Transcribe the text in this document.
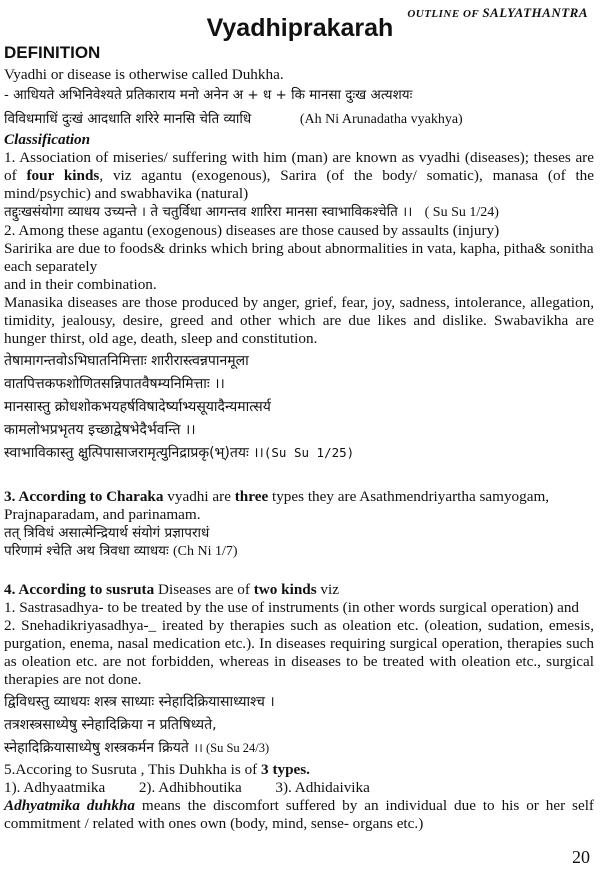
OUTLINE OF SALYATHANTRA
Vyadhiprakarah
DEFINITION

Vyadhi or disease is otherwise called Duhkha.

- आधियते अभिनिवेश्यते प्रतिकाराय मनो अनेन अ + ध + कि मानसा दुःख अत्यशयः

विविधमाधिं दुःखं आदधाति शरिरे मानसि चेति व्याधि	(Ah Ni Arunadatha vyakhya)

Classification

1. Association of miseries/ suffering with him (man) are known as vyadhi (diseases); theses are of four kinds, viz agantu (exogenous), Sarira (of the body/ somatic), manasa (of the mind/psychic) and swabhavika (natural)

तद्दुःखसंयोगा व्याधय उच्यन्ते । ते चतुर्विधा आगन्तव शारिरा मानसा स्वाभाविकश्चेति ।। ( Su Su 1/24)

2. Among these agantu (exogenous) diseases are those caused by assaults (injury)

Saririka are due to foods& drinks which bring about abnormalities in vata, kapha, pitha& sonitha each separately

and in their combination.

Manasika diseases are those produced by anger, grief, fear, joy, sadness, intolerance, allegation, timidity, jealousy, desire, greed and other which are due likes and dislike. Swabavikha are hunger thirst, old age, death, sleep and constitution.

तेषामागन्तवोऽभिघातनिमित्ताः शारीरास्त्वन्नपानमूला

वातपित्तकफशोणितसन्निपातवैषम्यनिमित्ताः ।।

मानसास्तु क्रोधशोकभयहर्षविषादेर्ष्याभ्यसूयादैन्यमात्सर्य

कामलोभप्रभृतय इच्छाद्वेषभेदैर्भवन्ति ।।

स्वाभाविकास्तु क्षुत्पिपासाजरामृत्युनिद्राप्रकृ(भ्)तयः ।।(Su Su 1/25)

3. According to Charaka vyadhi are three types they are Asathmendriyartha samyogam, Prajnaparadam, and parinamam.

तत् त्रिविधं असात्मेन्द्रियार्थ संयोगं प्रज्ञापराधं

परिणामं श्चेति अथ त्रिवधा व्याधयः (Ch Ni 1/7)

4. According to susruta Diseases are of two kinds viz

1. Sastrasadhya- to be treated by the use of instruments (in other words surgical operation) and

2. Snehadikriyasadhya-_ ireated by therapies such as oleation etc. (oleation, sudation, emesis, purgation, enema, nasal medication etc.). In diseases requiring surgical operation, therapies such as oleation etc. are not forbidden, whereas in diseases to be treated with oleation etc., surgical therapies are not done.

द्विविधस्तु व्याधयः शस्त्र साध्याः स्नेहादिक्रियासाध्याश्च ।

तत्रशस्त्रसाध्येषु स्नेहादिक्रिया न प्रतिषिध्यते,

स्नेहादिक्रियासाध्येषु शस्त्रकर्मन क्रियते ।। (Su Su 24/3)

5.Accoring to Susruta , This Duhkha is of 3 types.

1). Adhyaatmika 2). Adhibhoutika 3). Adhidaivika

Adhyatmika duhkha means the discomfort suffered by an individual due to his or her self commitment / related with ones own (body, mind, sense- organs etc.)

20
